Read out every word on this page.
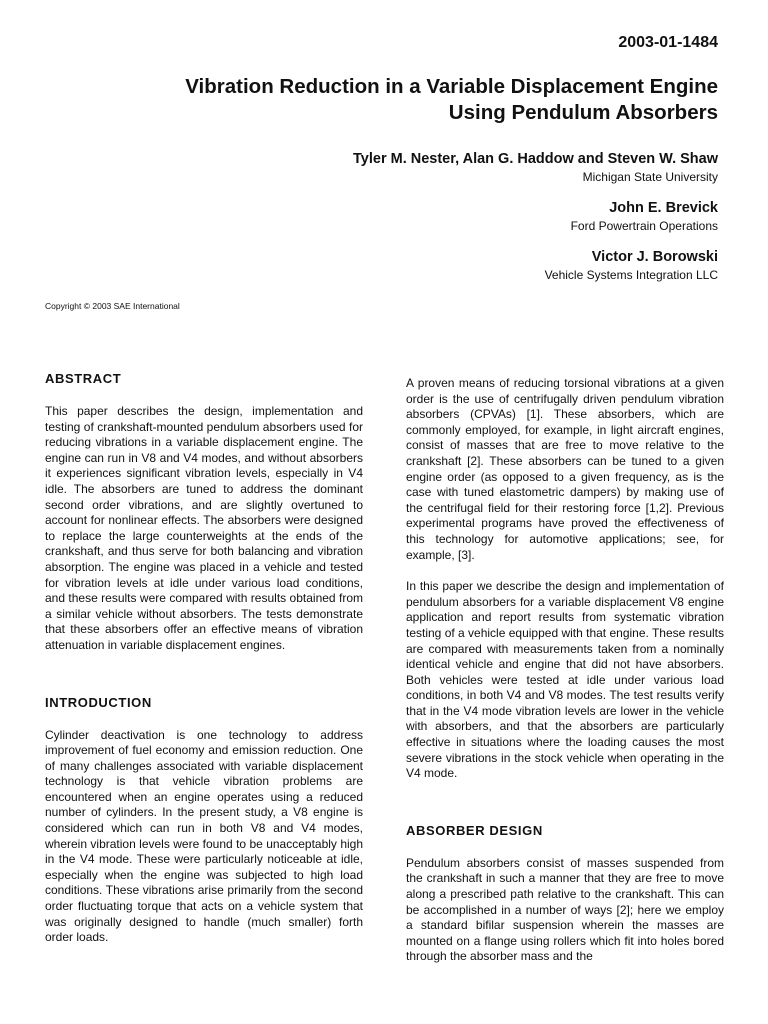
2003-01-1484

Vibration Reduction in a Variable Displacement Engine
Using Pendulum Absorbers

Tyler M. Nester, Alan G. Haddow and Steven W. Shaw

Michigan State University

John E. Brevick

Ford Powertrain Operations

Victor J. Borowski

Vehicle Systems Integration LLC

Copyright © 2003 SAE International

ABSTRACT

This paper describes the design, implementation and testing of crankshaft-mounted pendulum absorbers used for reducing vibrations in a variable displacement engine. The engine can run in V8 and V4 modes, and without absorbers it experiences significant vibration levels, especially in V4 idle. The absorbers are tuned to address the dominant second order vibrations, and are slightly overtuned to account for nonlinear effects. The absorbers were designed to replace the large counterweights at the ends of the crankshaft, and thus serve for both balancing and vibration absorption. The engine was placed in a vehicle and tested for vibration levels at idle under various load conditions, and these results were compared with results obtained from a similar vehicle without absorbers. The tests demonstrate that these absorbers offer an effective means of vibration attenuation in variable displacement engines.

INTRODUCTION

Cylinder deactivation is one technology to address improvement of fuel economy and emission reduction. One of many challenges associated with variable displacement technology is that vehicle vibration problems are encountered when an engine operates using a reduced number of cylinders. In the present study, a V8 engine is considered which can run in both V8 and V4 modes, wherein vibration levels were found to be unacceptably high in the V4 mode. These were particularly noticeable at idle, especially when the engine was subjected to high load conditions. These vibrations arise primarily from the second order fluctuating torque that acts on a vehicle system that was originally designed to handle (much smaller) forth order loads.

A proven means of reducing torsional vibrations at a given order is the use of centrifugally driven pendulum vibration absorbers (CPVAs) [1]. These absorbers, which are commonly employed, for example, in light aircraft engines, consist of masses that are free to move relative to the crankshaft [2]. These absorbers can be tuned to a given engine order (as opposed to a given frequency, as is the case with tuned elastometric dampers) by making use of the centrifugal field for their restoring force [1,2]. Previous experimental programs have proved the effectiveness of this technology for automotive applications; see, for example, [3].

In this paper we describe the design and implementation of pendulum absorbers for a variable displacement V8 engine application and report results from systematic vibration testing of a vehicle equipped with that engine. These results are compared with measurements taken from a nominally identical vehicle and engine that did not have absorbers. Both vehicles were tested at idle under various load conditions, in both V4 and V8 modes. The test results verify that in the V4 mode vibration levels are lower in the vehicle with absorbers, and that the absorbers are particularly effective in situations where the loading causes the most severe vibrations in the stock vehicle when operating in the V4 mode.

ABSORBER DESIGN

Pendulum absorbers consist of masses suspended from the crankshaft in such a manner that they are free to move along a prescribed path relative to the crankshaft. This can be accomplished in a number of ways [2]; here we employ a standard bifilar suspension wherein the masses are mounted on a flange using rollers which fit into holes bored through the absorber mass and the
